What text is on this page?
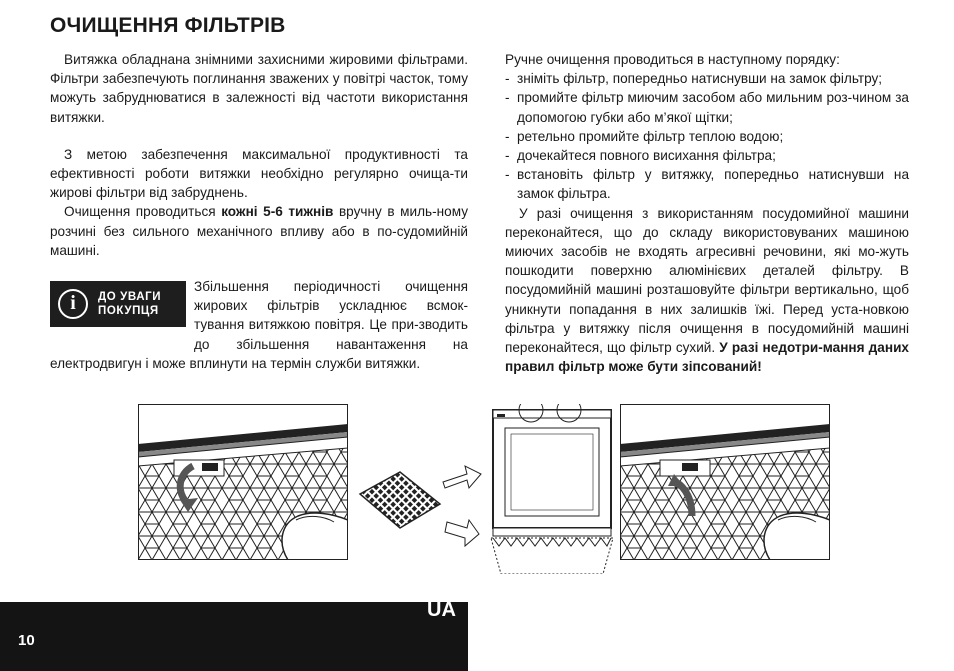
ОЧИЩЕННЯ ФІЛЬТРІВ

Витяжка обладнана знімними захисними жировими фільтрами. Фільтри забезпечують поглинання зважених у повітрі часток, тому можуть забруднюватися в залежності від частоти використання витяжки.

З метою забезпечення максимальної продуктивності та ефективності роботи витяжки необхідно регулярно очища-ти жирові фільтри від забруднень.

Очищення проводиться кожні 5-6 тижнів вручну в миль-ному розчині без сильного механічного впливу або в по-судомийній машині.

i	ДО УВАГИ
ПОКУПЦЯ

Збільшення періодичності очищення жирових фільтрів ускладнює всмок-тування витяжкою повітря. Це при-зводить до збільшення навантаження на електродвигун і може вплинути на термін служби витяжки.

Ручне очищення проводиться в наступному порядку:

- зніміть фільтр, попередньо натиснувши на замок фільтру;
- промийте фільтр миючим засобом або мильним роз-чином за допомогою губки або м’якої щітки;
- ретельно промийте фільтр теплою водою;
- дочекайтеся повного висихання фільтра;
- встановіть фільтр у витяжку, попередньо натиснувши на замок фільтра.

У разі очищення з використанням посудомийної машини переконайтеся, що до складу використовуваних машиною миючих засобів не входять агресивні речовини, які мо-жуть пошкодити поверхню алюмінієвих деталей фільтру. В посудомийній машині розташовуйте фільтри вертикально, щоб уникнути попадання в них залишків їжі. Перед уста-новкою фільтра у витяжку після очищення в посудомийній машині переконайтеся, що фільтр сухий. У разі недотри-мання даних правил фільтр може бути зіпсований!

UA
10
